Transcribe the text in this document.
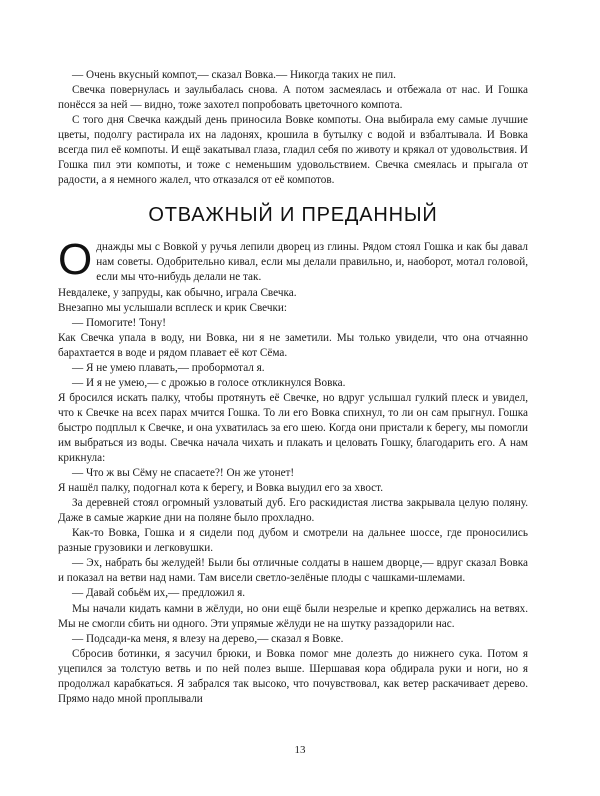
— Очень вкусный компот,— сказал Вовка.— Никогда таких не пил.

Свечка повернулась и заулыбалась снова. А потом засмеялась и отбежала от нас. И Гошка понёсся за ней — видно, тоже захотел попробовать цветочного компота.

С того дня Свечка каждый день приносила Вовке компоты. Она выбирала ему самые лучшие цветы, подолгу растирала их на ладонях, крошила в бутылку с водой и взбалтывала. И Вовка всегда пил её компоты. И ещё закатывал глаза, гладил себя по животу и крякал от удовольствия. И Гошка пил эти компоты, и тоже с неменьшим удовольствием. Свечка смеялась и прыгала от радости, а я немного жалел, что отказался от её компотов.

ОТВАЖНЫЙ И ПРЕДАННЫЙ

Однажды мы с Вовкой у ручья лепили дворец из глины. Рядом стоял Гошка и как бы давал нам советы. Одобрительно кивал, если мы делали правильно, и, наоборот, мотал головой, если мы что-нибудь делали не так.

Невдалеке, у запруды, как обычно, играла Свечка.

Внезапно мы услышали всплеск и крик Свечки:

— Помогите! Тону!

Как Свечка упала в воду, ни Вовка, ни я не заметили. Мы только увидели, что она отчаянно барахтается в воде и рядом плавает её кот Сёма.

— Я не умею плавать,— пробормотал я.

— И я не умею,— с дрожью в голосе откликнулся Вовка.

Я бросился искать палку, чтобы протянуть её Свечке, но вдруг услышал гулкий плеск и увидел, что к Свечке на всех парах мчится Гошка. То ли его Вовка спихнул, то ли он сам прыгнул. Гошка быстро подплыл к Свечке, и она ухватилась за его шею. Когда они пристали к берегу, мы помогли им выбраться из воды. Свечка начала чихать и плакать и целовать Гошку, благодарить его. А нам крикнула:

— Что ж вы Сёму не спасаете?! Он же утонет!

Я нашёл палку, подогнал кота к берегу, и Вовка выудил его за хвост.

За деревней стоял огромный узловатый дуб. Его раскидистая листва закрывала целую поляну. Даже в самые жаркие дни на поляне было прохладно.

Как-то Вовка, Гошка и я сидели под дубом и смотрели на дальнее шоссе, где проносились разные грузовики и легковушки.

— Эх, набрать бы желудей! Были бы отличные солдаты в нашем дворце,— вдруг сказал Вовка и показал на ветви над нами. Там висели светло-зелёные плоды с чашками-шлемами.

— Давай собьём их,— предложил я.

Мы начали кидать камни в жёлуди, но они ещё были незрелые и крепко держались на ветвях. Мы не смогли сбить ни одного. Эти упрямые жёлуди не на шутку раззадорили нас.

— Подсади-ка меня, я влезу на дерево,— сказал я Вовке.

Сбросив ботинки, я засучил брюки, и Вовка помог мне долезть до нижнего сука. Потом я уцепился за толстую ветвь и по ней полез выше. Шершавая кора обдирала руки и ноги, но я продолжал карабкаться. Я забрался так высоко, что почувствовал, как ветер раскачивает дерево. Прямо надо мной проплывали

13
